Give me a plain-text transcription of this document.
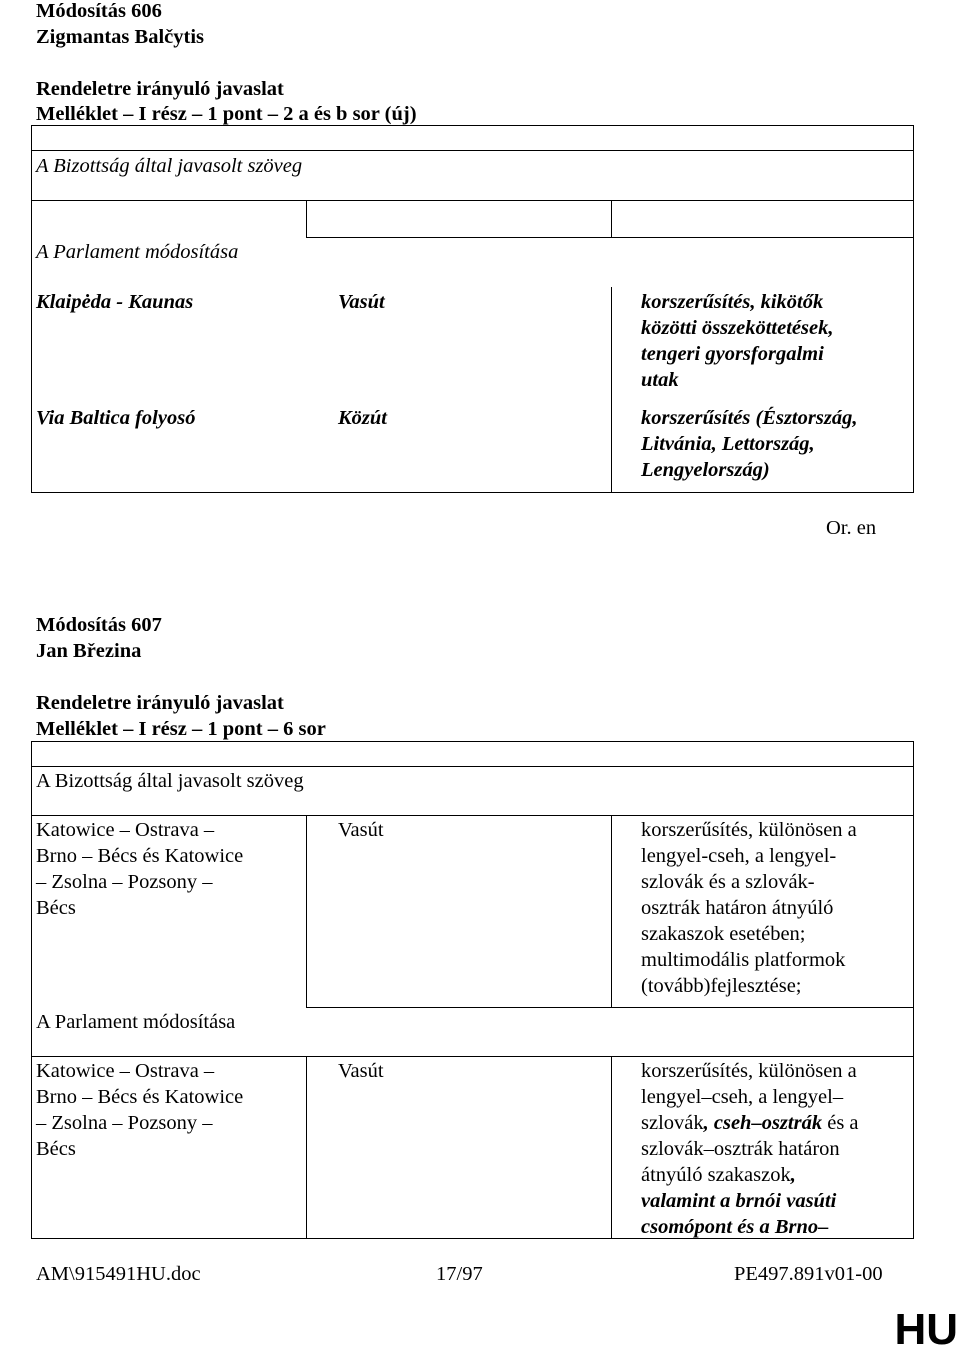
Módosítás 606
Zigmantas Balčytis
Rendeletre irányuló javaslat
Melléklet – I rész – 1 pont – 2 a és b sor (új)
A Bizottság által javasolt szöveg
A Parlament módosítása
Klaipėda - Kaunas	Vasút	korszerűsítés, kikötők
közötti összeköttetések,
tengeri gyorsforgalmi
utak
Via Baltica folyosó	Közút	korszerűsítés (Észtország,
Litvánia, Lettország,
Lengyelország)
Or. en
Módosítás 607
Jan Březina
Rendeletre irányuló javaslat
Melléklet – I rész – 1 pont – 6 sor
A Bizottság által javasolt szöveg
Katowice – Ostrava –
Brno – Bécs és Katowice
– Zsolna – Pozsony –
Bécs
Vasút	korszerűsítés, különösen a
lengyel-cseh, a lengyel-
szlovák és a szlovák-
osztrák határon átnyúló
szakaszok esetében;
multimodális platformok
(tovább)fejlesztése;
A Parlament módosítása
Katowice – Ostrava –
Brno – Bécs és Katowice
– Zsolna – Pozsony –
Bécs
Vasút	korszerűsítés, különösen a
lengyel–cseh, a lengyel–
szlovák, cseh–osztrák és a
szlovák–osztrák határon
átnyúló szakaszok,
valamint a brnói vasúti
csomópont és a Brno–
AM\915491HU.doc	17/97	PE497.891v01-00
HU
